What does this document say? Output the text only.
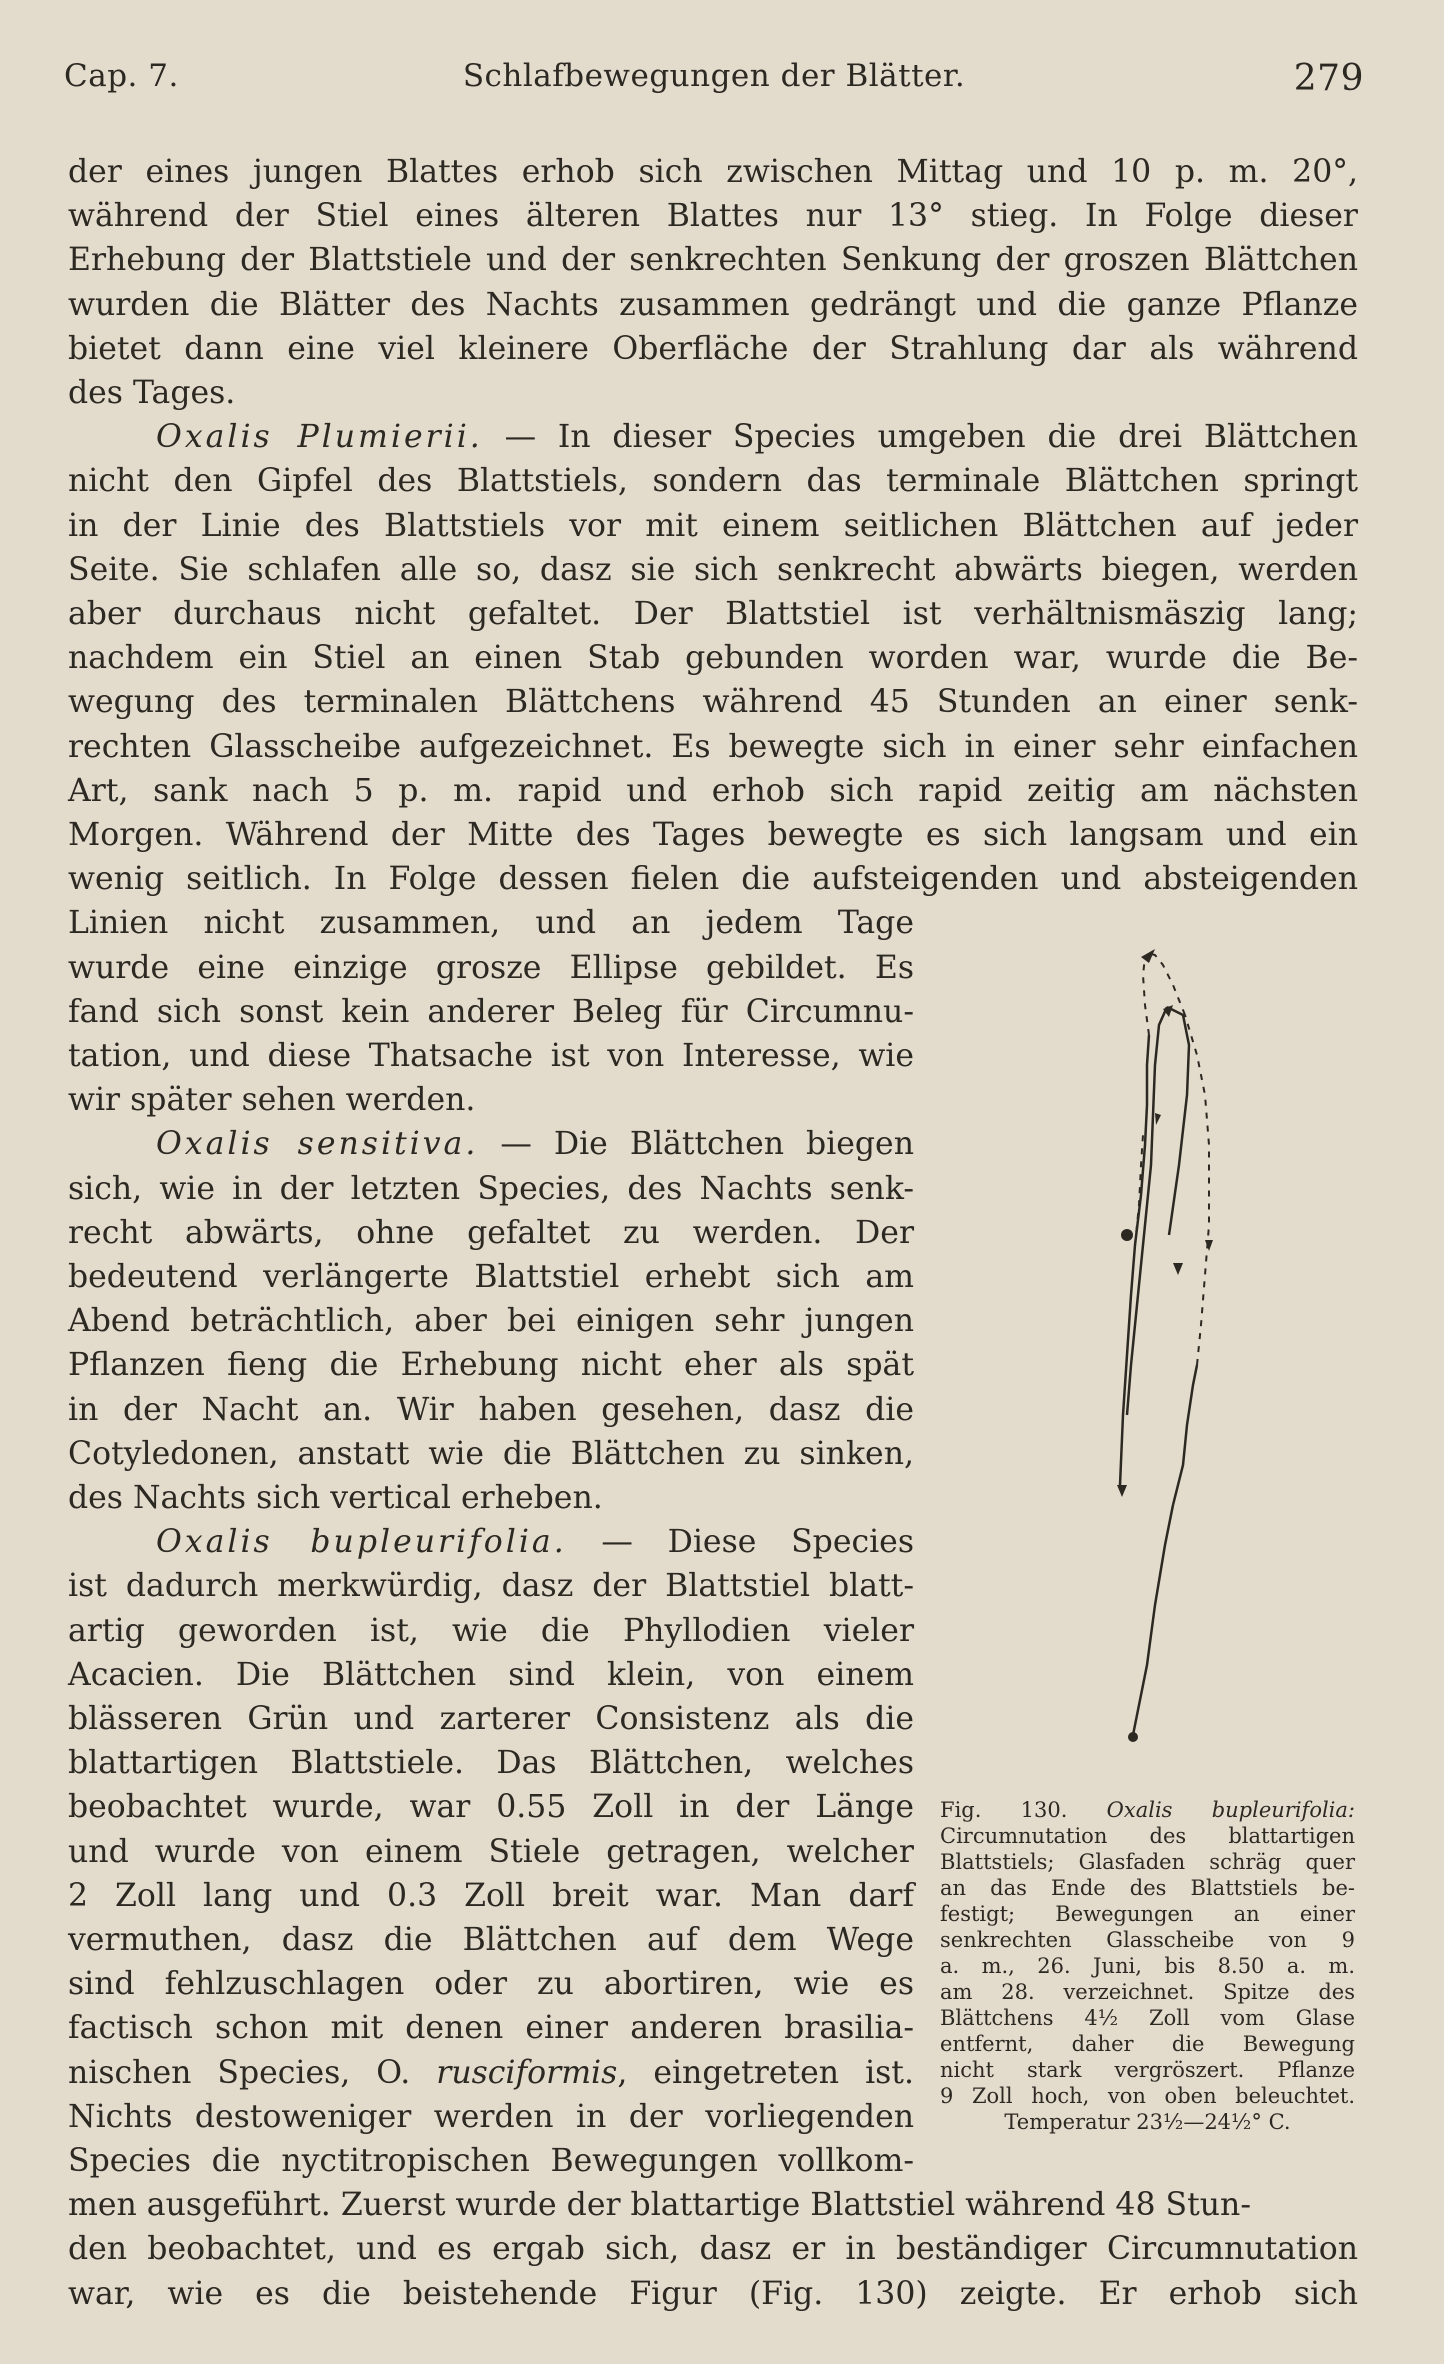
Cap. 7.	Schlafbewegungen der Blätter.	279
der eines jungen Blattes erhob sich zwischen Mittag und 10 p. m. 20°,
während der Stiel eines älteren Blattes nur 13° stieg. In Folge dieser
Erhebung der Blattstiele und der senkrechten Senkung der groszen Blättchen
wurden die Blätter des Nachts zusammen gedrängt und die ganze Pflanze
bietet dann eine viel kleinere Oberfläche der Strahlung dar als während
des Tages.
Oxalis Plumierii. — In dieser Species umgeben die drei Blättchen
nicht den Gipfel des Blattstiels, sondern das terminale Blättchen springt
in der Linie des Blattstiels vor mit einem seitlichen Blättchen auf jeder
Seite. Sie schlafen alle so, dasz sie sich senkrecht abwärts biegen, werden
aber durchaus nicht gefaltet. Der Blattstiel ist verhältnismäszig lang;
nachdem ein Stiel an einen Stab gebunden worden war, wurde die Be-
wegung des terminalen Blättchens während 45 Stunden an einer senk-
rechten Glasscheibe aufgezeichnet. Es bewegte sich in einer sehr einfachen
Art, sank nach 5 p. m. rapid und erhob sich rapid zeitig am nächsten
Morgen. Während der Mitte des Tages bewegte es sich langsam und ein
wenig seitlich. In Folge dessen fielen die aufsteigenden und absteigenden
Linien nicht zusammen, und an jedem Tage
wurde eine einzige grosze Ellipse gebildet. Es
fand sich sonst kein anderer Beleg für Circumnu-
tation, und diese Thatsache ist von Interesse, wie
wir später sehen werden.
Oxalis sensitiva. — Die Blättchen biegen
sich, wie in der letzten Species, des Nachts senk-
recht abwärts, ohne gefaltet zu werden. Der
bedeutend verlängerte Blattstiel erhebt sich am
Abend beträchtlich, aber bei einigen sehr jungen
Pflanzen fieng die Erhebung nicht eher als spät
in der Nacht an. Wir haben gesehen, dasz die
Cotyledonen, anstatt wie die Blättchen zu sinken,
des Nachts sich vertical erheben.
Oxalis bupleurifolia. — Diese Species
ist dadurch merkwürdig, dasz der Blattstiel blatt-
artig geworden ist, wie die Phyllodien vieler
Acacien. Die Blättchen sind klein, von einem
blässeren Grün und zarterer Consistenz als die
blattartigen Blattstiele. Das Blättchen, welches
beobachtet wurde, war 0.55 Zoll in der Länge
und wurde von einem Stiele getragen, welcher
2 Zoll lang und 0.3 Zoll breit war. Man darf
vermuthen, dasz die Blättchen auf dem Wege
sind fehlzuschlagen oder zu abortiren, wie es
factisch schon mit denen einer anderen brasilia-
nischen Species, O. rusciformis, eingetreten ist.
Nichts destoweniger werden in der vorliegenden
Species die nyctitropischen Bewegungen vollkom-
men ausgeführt. Zuerst wurde der blattartige Blattstiel während 48 Stun-
den beobachtet, und es ergab sich, dasz er in beständiger Circumnutation
war, wie es die beistehende Figur (Fig. 130) zeigte. Er erhob sich
Fig. 130. Oxalis bupleurifolia:
Circumnutation des blattartigen
Blattstiels; Glasfaden schräg quer
an das Ende des Blattstiels be-
festigt; Bewegungen an einer
senkrechten Glasscheibe von 9
a. m., 26. Juni, bis 8.50 a. m.
am 28. verzeichnet. Spitze des
Blättchens 4½ Zoll vom Glase
entfernt, daher die Bewegung
nicht stark vergröszert. Pflanze
9 Zoll hoch, von oben beleuchtet.
Temperatur 23½—24½° C.
